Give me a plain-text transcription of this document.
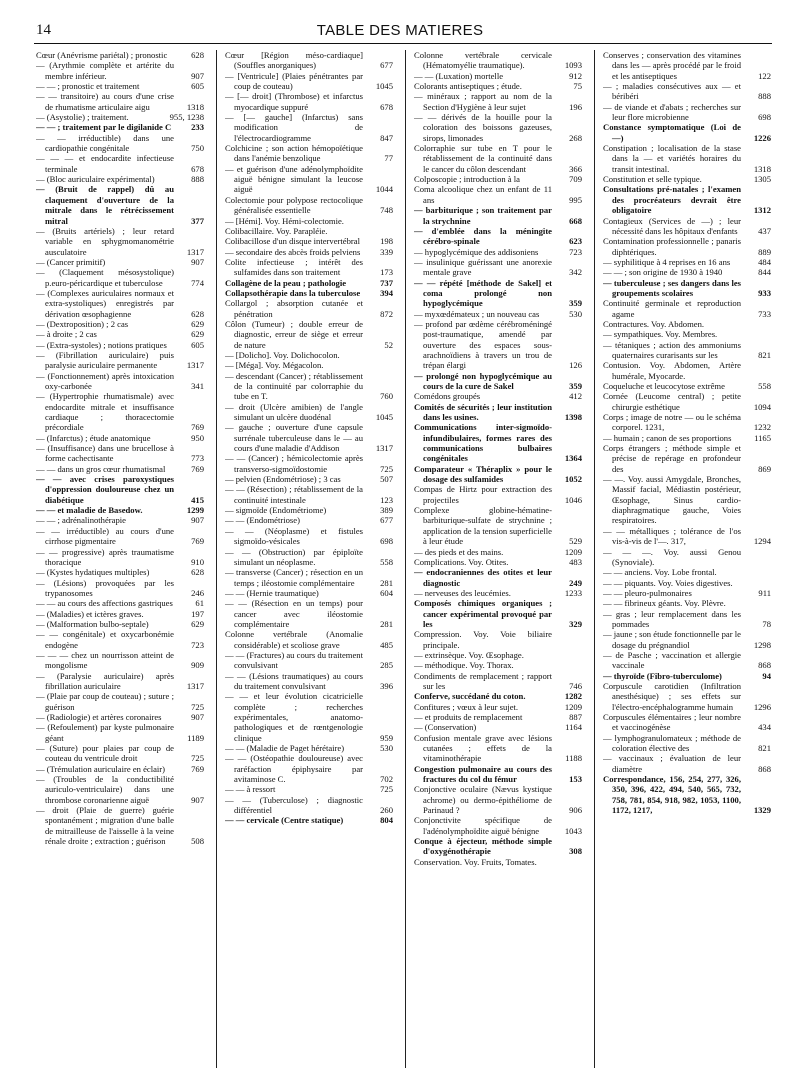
14	TABLE DES MATIERES
Cœur (Anévrisme pariétal) ; pronostic	628
— (Arythmie complète et artérite du membre inférieur.	907
— — ; pronostic et traitement	605
— — transitoire) au cours d'une crise de rhumatisme articulaire aigu	1318
— (Asystolie) ; traitement.	955, 1238
— — ; traitement par le digilanide C	233
— — irréductible) dans une cardiopathie congénitale	750
— — — et endocardite infectieuse terminale	678
— (Bloc auriculaire expérimental)	888
— (Bruit de rappel) dû au claquement d'ouverture de la mitrale dans le rétrécissement mitral	377
— (Bruits artériels) ; leur retard variable en sphygmomanométrie ausculatoire	1317
— (Cancer primitif)	907
— (Claquement mésosystolique) p.euro-péricardique et tuberculose	774
— (Complexes auriculaires normaux et extra-systoliques) enregistrés par dérivation œsophagienne	628
— (Dextroposition) ; 2 cas	629
— à droite ; 2 cas	629
— (Extra-systoles) ; notions pratiques	605
— (Fibrillation auriculaire) puis paralysie auriculaire permanente	1317
— (Fonctionnement) après intoxication oxy-carbonée	341
— (Hypertrophie rhumatismale) avec endocardite mitrale et insuffisance cardiaque ; thoracectomie précordiale	769
— (Infarctus) ; étude anatomique	950
— (Insuffisance) dans une brucellose à forme cachectisante	773
— — dans un gros cœur rhumatismal	769
— — avec crises paroxystiques d'oppression douloureuse chez un diabétique	415
— — et maladie de Basedow.	1299
— — ; adrénalinothérapie	907
— — irréductible) au cours d'une cirrhose pigmentaire	769
— — progressive) après traumatisme thoracique	910
— (Kystes hydatiques multiples)	628
— (Lésions) provoquées par les trypanosomes	246
— — au cours des affections gastriques	61
— (Maladies) et ictères graves.	197
— (Malformation bulbo-septale)	629
— — congénitale) et oxycarbonémie endogène	723
— — — chez un nourrisson atteint de mongolisme	909
— (Paralysie auriculaire) après fibrillation auriculaire	1317
— (Plaie par coup de couteau) ; suture ; guérison	725
— (Radiologie) et artères coronaires	907
— (Refoulement) par kyste pulmonaire géant	1189
— (Suture) pour plaies par coup de couteau du ventricule droit	725
— (Trémulation auriculaire en éclair)	769
— (Troubles de la conductibilité auriculo-ventriculaire) dans une thrombose coronarienne aiguë	907
— droit (Plaie de guerre) guérie spontanément ; migration d'une balle de mitrailleuse de l'aisselle à la veine rénale droite ; extraction ; guérison	508
Cœur [Région méso-cardiaque] (Souffles anorganiques)	677
— [Ventricule] (Plaies pénétrantes par coup de couteau)	1045
— [— droit] (Thrombose) et infarctus myocardique suppuré	678
— [— gauche] (Infarctus) sans modification de l'électrocardiogramme	847
Colchicine ; son action hémopoïétique dans l'anémie benzolique	77
— et guérison d'une adénolymphoïdite aiguë bénigne simulant la leucose aiguë	1044
Colectomie pour polypose rectocolique généralisée essentielle	748
— [Hémi]. Voy. Hémi-colectomie.
Colibacillaire. Voy. Parapléie.
Colibacillose d'un disque intervertébral	198
— secondaire des abcès froids pelviens	339
Colite infectieuse ; intérêt des sulfamides dans son traitement	173
Collagène de la peau ; pathologie	737
Collapsothérapie dans la tuberculose	394
Collargol ; absorption cutanée et pénétration	872
Côlon (Tumeur) ; double erreur de diagnostic, erreur de siège et erreur de nature	52
— [Dolicho]. Voy. Dolichocolon.
— [Méga]. Voy. Mégacolon.
— descendant (Cancer) ; rétablissement de la continuité par colorraphie du tube en T.	760
— droit (Ulcère amibien) de l'angle simulant un ulcère duodénal	1045
— gauche ; ouverture d'une capsule surrénale tuberculeuse dans le — au cours d'une maladie d'Addison	1317
— — (Cancer) ; hémicolectomie après transverso-sigmoïdostomie	725
— pelvien (Endométriose) ; 3 cas	507
— — (Résection) ; rétablissement de la continuité intestinale	123
— sigmoïde (Endométriome)	389
— — (Endométriose)	677
— — (Néoplasme) et fistules sigmoïdo-vésicales	698
— — (Obstruction) par épiploïte simulant un néoplasme.	558
— transverse (Cancer) ; résection en un temps ; iléostomie complémentaire	281
— — (Hernie traumatique)	604
— — (Résection en un temps) pour cancer avec iléostomie complémentaire	281
Colonne vertébrale (Anomalie considérable) et scoliose grave	485
— — (Fractures) au cours du traitement convulsivant	285
— — (Lésions traumatiques) au cours du traitement convulsivant	396
— — et leur évolution cicatricielle complète ; recherches expérimentales, anatomo-pathologiques et de rœntgenologie clinique	959
— — (Maladie de Paget hérétaire)	530
— — (Ostéopathie douloureuse) avec raréfaction épiphysaire par avitaminose C.	702
— — à ressort	725
— — (Tuberculose) ; diagnostic différentiel	260
— — cervicale (Centre statique)	804
Colonne vertébrale cervicale (Hématomyélie traumatique).	1093
— — (Luxation) mortelle	912
Colorants antiseptiques ; étude.	75
— minéraux ; rapport au nom de la Section d'Hygiène à leur sujet	196
— — dérivés de la houille pour la coloration des boissons gazeuses, sirops, limonades	268
Colorraphie sur tube en T pour le rétablissement de la continuité dans le cancer du côlon descendant	366
Colposcopie ; introduction à la	709
Coma alcoolique chez un enfant de 11 ans	995
— barbiturique ; son traitement par la strychnine	668
— d'emblée dans la méningite cérébro-spinale	623
— hypoglycémique des addisoniens	723
— insulinique guérissant une anorexie mentale grave	342
— — répété [méthode de Sakel] et coma prolongé non hypoglycémique	359
— myxœdémateux ; un nouveau cas	530
— profond par œdème cérébroméningé post-traumatique, amendé par ouverture des espaces sous-arachnoïdiens à travers un trou de trépan élargi	126
— prolongé non hypoglycémique au cours de la cure de Sakel	359
Comédons groupés	412
Comités de sécurités ; leur institution dans les usines.	1398
Communications inter-sigmoïdo-infundibulaires, formes rares des communications bulbaires congénitales	1364
Comparateur « Théraplix » pour le dosage des sulfamides	1052
Compas de Hirtz pour extraction des projectiles	1046
Complexe globine-hématine-barbiturique-sulfate de strychnine ; application de la tension superficielle à leur étude	529
— des pieds et des mains.	1209
Complications. Voy. Otites.	483
— endocraniennes des otites et leur diagnostic	249
— nerveuses des leucémies.	1233
Composés chimiques organiques ; cancer expérimental provoqué par les	329
Compression. Voy. Voie biliaire principale.
— extrinsèque. Voy. Œsophage.
— méthodique. Voy. Thorax.
Condiments de remplacement ; rapport sur les	746
Conferve, succédané du coton.	1282
Confitures ; vœux à leur sujet.	1209
— et produits de remplacement	887
— (Conservation)	1164
Confusion mentale grave avec lésions cutanées ; effets de la vitaminothérapie	1188
Congestion pulmonaire au cours des fractures du col du fémur	153
Conjonctive oculaire (Nævus kystique achrome) ou dermo-épithéliome de Parinaud ?	906
Conjonctivite spécifique de l'adénolymphoïdite aiguë bénigne	1043
Conque à éjecteur, méthode simple d'oxygénothérapie	308
Conservation. Voy. Fruits, Tomates.
Conserves ; conservation des vitamines dans les — après procédé par le froid et les antiseptiques	122
— ; maladies consécutives aux — et béribéri	888
— de viande et d'abats ; recherches sur leur flore microbienne	698
Constance symptomatique (Loi de —)	1226
Constipation ; localisation de la stase dans la — et variétés horaires du transit intestinal.	1318
Constitution et selle typique.	1305
Consultations pré-natales ; l'examen des procréateurs devrait être obligatoire	1312
Contagieux (Services de —) ; leur nécessité dans les hôpitaux d'enfants	437
Contamination professionnelle ; panaris diphtériques.	889
— syphilitique à 4 reprises en 16 ans	484
— — ; son origine de 1930 à 1940	844
— tuberculeuse ; ses dangers dans les groupements scolaires	933
Continuité germinale et reproduction agame	733
Contractures. Voy. Abdomen.
— sympathiques. Voy. Membres.
— tétaniques ; action des ammoniums quaternaires curarisants sur les	821
Contusion. Voy. Abdomen, Artère humérale, Myocarde.
Coqueluche et leucocytose extrême	558
Cornée (Leucome central) ; petite chirurgie esthétique	1094
Corps ; image de notre — ou le schéma corporel. 1231,	1232
— humain ; canon de ses proportions	1165
Corps étrangers ; méthode simple et précise de repérage en profondeur des	869
— —. Voy. aussi Amygdale, Bronches, Massif facial, Médiastin postérieur, Œsophage, Sinus cardio-diaphragmatique gauche, Voies respiratoires.
— — métalliques ; tolérance de l'os vis-à-vis de l'—. 317,	1294
— — —. Voy. aussi Genou (Synoviale).
— — anciens. Voy. Lobe frontal.
— — piquants. Voy. Voies digestives.
— — pleuro-pulmonaires	911
— — fibrineux géants. Voy. Plèvre.
— gras ; leur remplacement dans les pommades	78
— jaune ; son étude fonctionnelle par le dosage du prégnandiol	1298
— de Pasche ; vaccination et allergie vaccinale	868
— thyroïde (Fibro-tuberculome)	94
Corpuscule carotidien (Infiltration anesthésique) ; ses effets sur l'électro-encéphalogramme humain	1296
Corpuscules élémentaires ; leur nombre et vaccinogénèse	434
— lymphogranulomateux ; méthode de coloration élective des	821
— vaccinaux ; évaluation de leur diamètre	868
Correspondance, 156, 254, 277, 326, 350, 396, 422, 494, 540, 565, 732, 758, 781, 854, 918, 982, 1053, 1100, 1172, 1217,	1329
